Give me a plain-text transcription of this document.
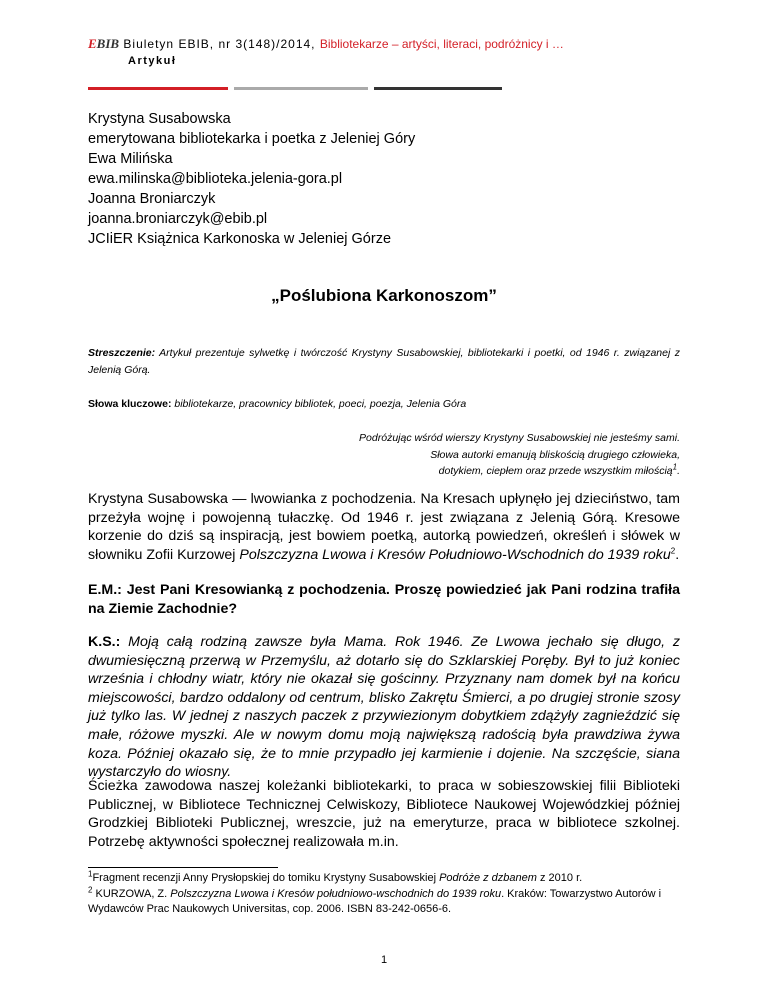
EBIB Biuletyn EBIB, nr 3(148)/2014, Bibliotekarze – artyści, literaci, podróżnicy i …
Artykuł
Krystyna Susabowska
emerytowana bibliotekarka i poetka z Jeleniej Góry
Ewa Milińska
ewa.milinska@biblioteka.jelenia-gora.pl
Joanna Broniarczyk
joanna.broniarczyk@ebib.pl
JCIiER Książnica Karkonoska w Jeleniej Górze
„Poślubiona Karkonoszom”
Streszczenie: Artykuł prezentuje sylwetkę i twórczość Krystyny Susabowskiej, bibliotekarki i poetki, od 1946 r. związanej z Jelenią Górą.
Słowa kluczowe: bibliotekarze, pracownicy bibliotek, poeci, poezja, Jelenia Góra
Podróżując wśród wierszy Krystyny Susabowskiej nie jesteśmy sami.
Słowa autorki emanują bliskością drugiego człowieka,
dotykiem, ciepłem oraz przede wszystkim miłością$^1$.
Krystyna Susabowska — lwowianka z pochodzenia. Na Kresach upłynęło jej dzieciństwo, tam przeżyła wojnę i powojenną tułaczkę. Od 1946 r. jest związana z Jelenią Górą. Kresowe korzenie do dziś są inspiracją, jest bowiem poetką, autorką powiedzeń, określeń i słówek w słowniku Zofii Kurzowej Polszczyzna Lwowa i Kresów Południowo-Wschodnich do 1939 roku$^2$.
E.M.: Jest Pani Kresowianką z pochodzenia. Proszę powiedzieć jak Pani rodzina trafiła na Ziemie Zachodnie?
K.S.: Moją całą rodziną zawsze była Mama. Rok 1946. Ze Lwowa jechało się długo, z dwumiesięczną przerwą w Przemyślu, aż dotarło się do Szklarskiej Poręby. Był to już koniec września i chłodny wiatr, który nie okazał się gościnny. Przyznany nam domek był na końcu miejscowości, bardzo oddalony od centrum, blisko Zakrętu Śmierci, a po drugiej stronie szosy już tylko las. W jednej z naszych paczek z przywiezionym dobytkiem zdążyły zagnieździć się małe, różowe myszki. Ale w nowym domu moją największą radością była prawdziwa żywa koza. Później okazało się, że to mnie przypadło jej karmienie i dojenie. Na szczęście, siana wystarczyło do wiosny.
Ścieżka zawodowa naszej koleżanki bibliotekarki, to praca w sobieszowskiej filii Biblioteki Publicznej, w Bibliotece Technicznej Celwiskozy, Bibliotece Naukowej Wojewódzkiej później Grodzkiej Biblioteki Publicznej, wreszcie, już na emeryturze, praca w bibliotece szkolnej. Potrzebę aktywności społecznej realizowała m.in.
$^1$Fragment recenzji Anny Prysłopskiej do tomiku Krystyny Susabowskiej Podróże z dzbanem z 2010 r.
$^2$ KURZOWA, Z. Polszczyzna Lwowa i Kresów południowo-wschodnich do 1939 roku. Kraków: Towarzystwo Autorów i Wydawców Prac Naukowych Universitas, cop. 2006. ISBN 83-242-0656-6.
1
